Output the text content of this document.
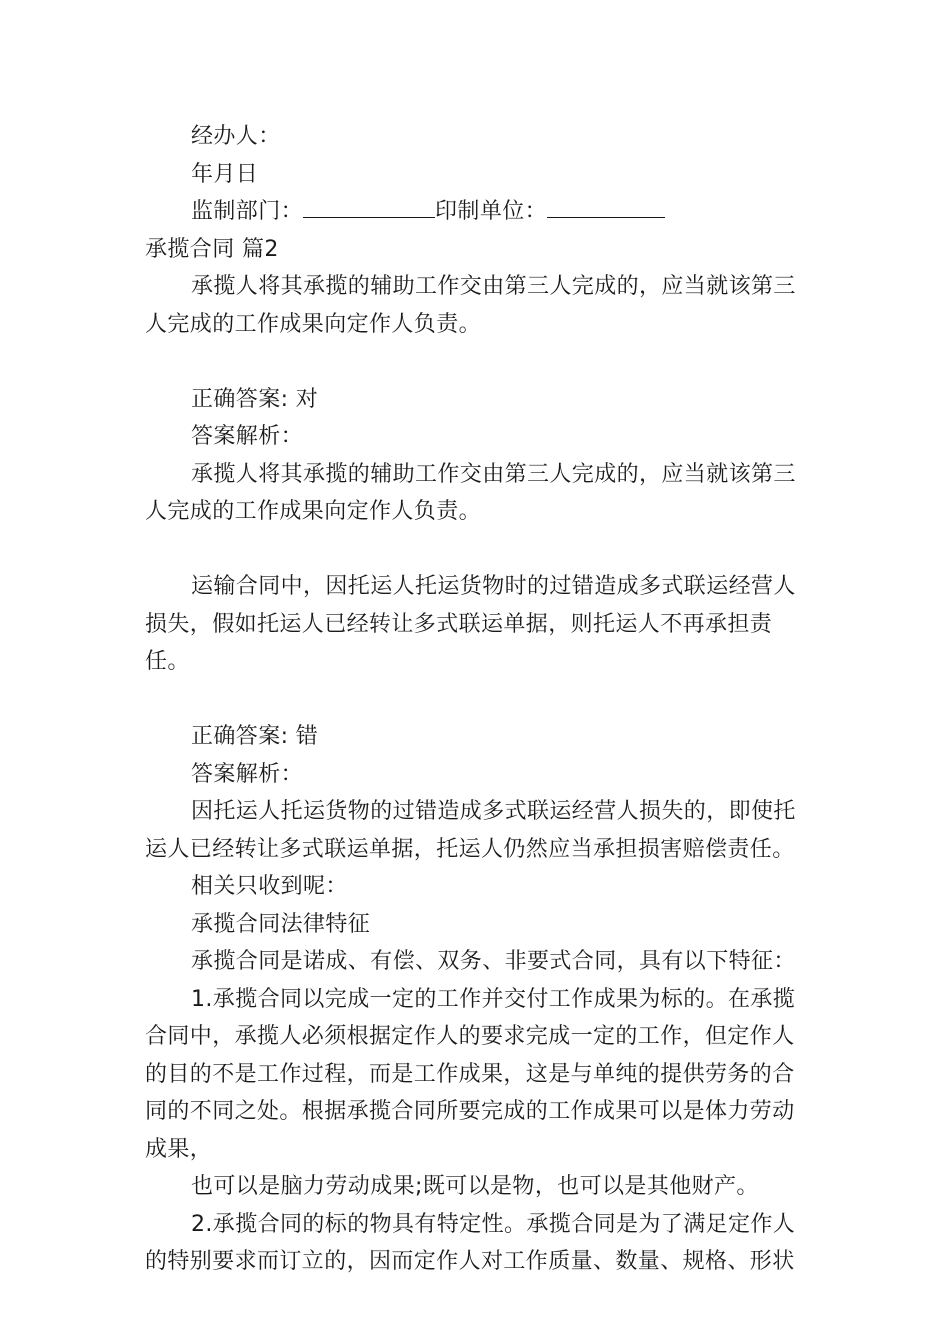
经办人：

年月日

监制部门：	印制单位：

承揽合同 篇2

承揽人将其承揽的辅助工作交由第三人完成的，应当就该第三人完成的工作成果向定作人负责。

正确答案: 对

答案解析：

承揽人将其承揽的辅助工作交由第三人完成的，应当就该第三人完成的工作成果向定作人负责。

运输合同中，因托运人托运货物时的过错造成多式联运经营人损失，假如托运人已经转让多式联运单据，则托运人不再承担责任。

正确答案: 错

答案解析：

因托运人托运货物的过错造成多式联运经营人损失的，即使托运人已经转让多式联运单据，托运人仍然应当承担损害赔偿责任。

相关只收到呢：

承揽合同法律特征

承揽合同是诺成、有偿、双务、非要式合同，具有以下特征：

1.承揽合同以完成一定的工作并交付工作成果为标的。在承揽合同中，承揽人必须根据定作人的要求完成一定的工作，但定作人的目的不是工作过程，而是工作成果，这是与单纯的提供劳务的合同的不同之处。根据承揽合同所要完成的工作成果可以是体力劳动成果，

也可以是脑力劳动成果;既可以是物，也可以是其他财产。

2.承揽合同的标的物具有特定性。承揽合同是为了满足定作人的特别要求而订立的，因而定作人对工作质量、数量、规格、形状
